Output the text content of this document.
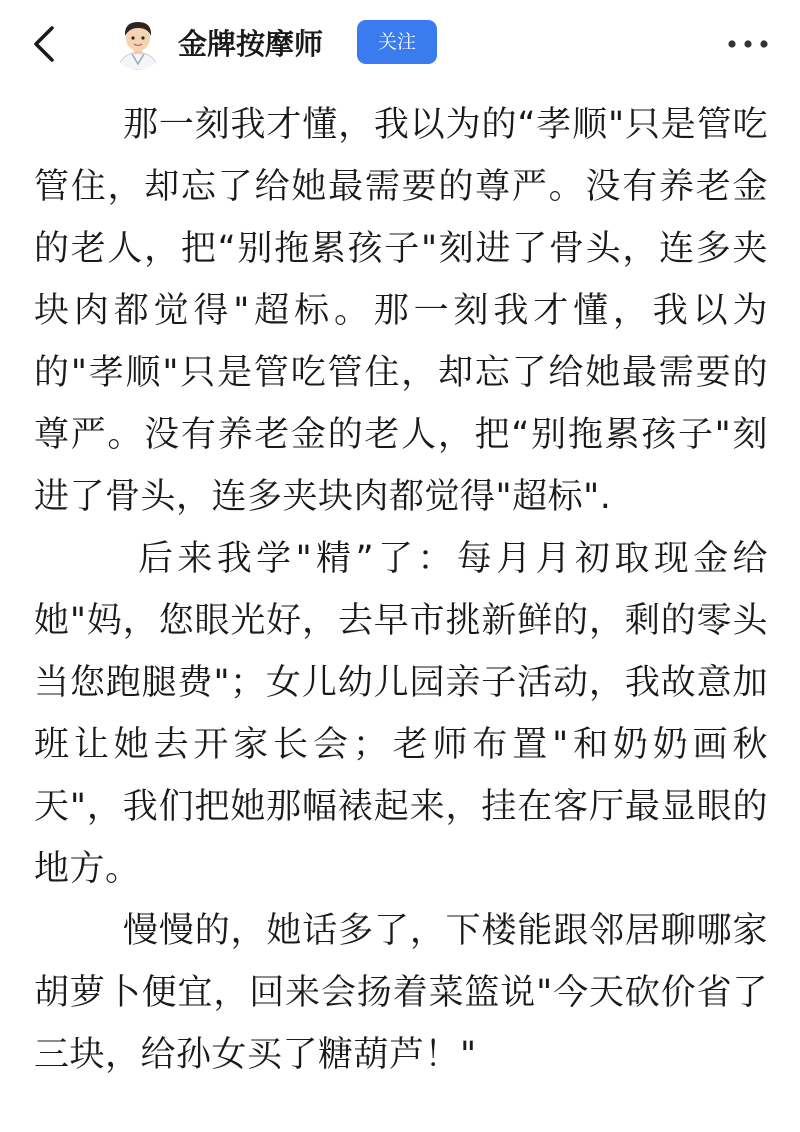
金牌按摩师	关注

那一刻我才懂，我以为的“孝顺"只是管吃管住，却忘了给她最需要的尊严。没有养老金的老人，把“别拖累孩子"刻进了骨头，连多夹块肉都觉得"超标。那一刻我才懂，我以为的"孝顺"只是管吃管住，却忘了给她最需要的尊严。没有养老金的老人，把“别拖累孩子"刻进了骨头，连多夹块肉都觉得"超标".

后来我学"精”了：每月月初取现金给她"妈，您眼光好，去早市挑新鲜的，剩的零头当您跑腿费"；女儿幼儿园亲子活动，我故意加班让她去开家长会；老师布置"和奶奶画秋天"，我们把她那幅裱起来，挂在客厅最显眼的地方。

慢慢的，她话多了，下楼能跟邻居聊哪家胡萝卜便宜，回来会扬着菜篮说"今天砍价省了三块，给孙女买了糖葫芦！"
